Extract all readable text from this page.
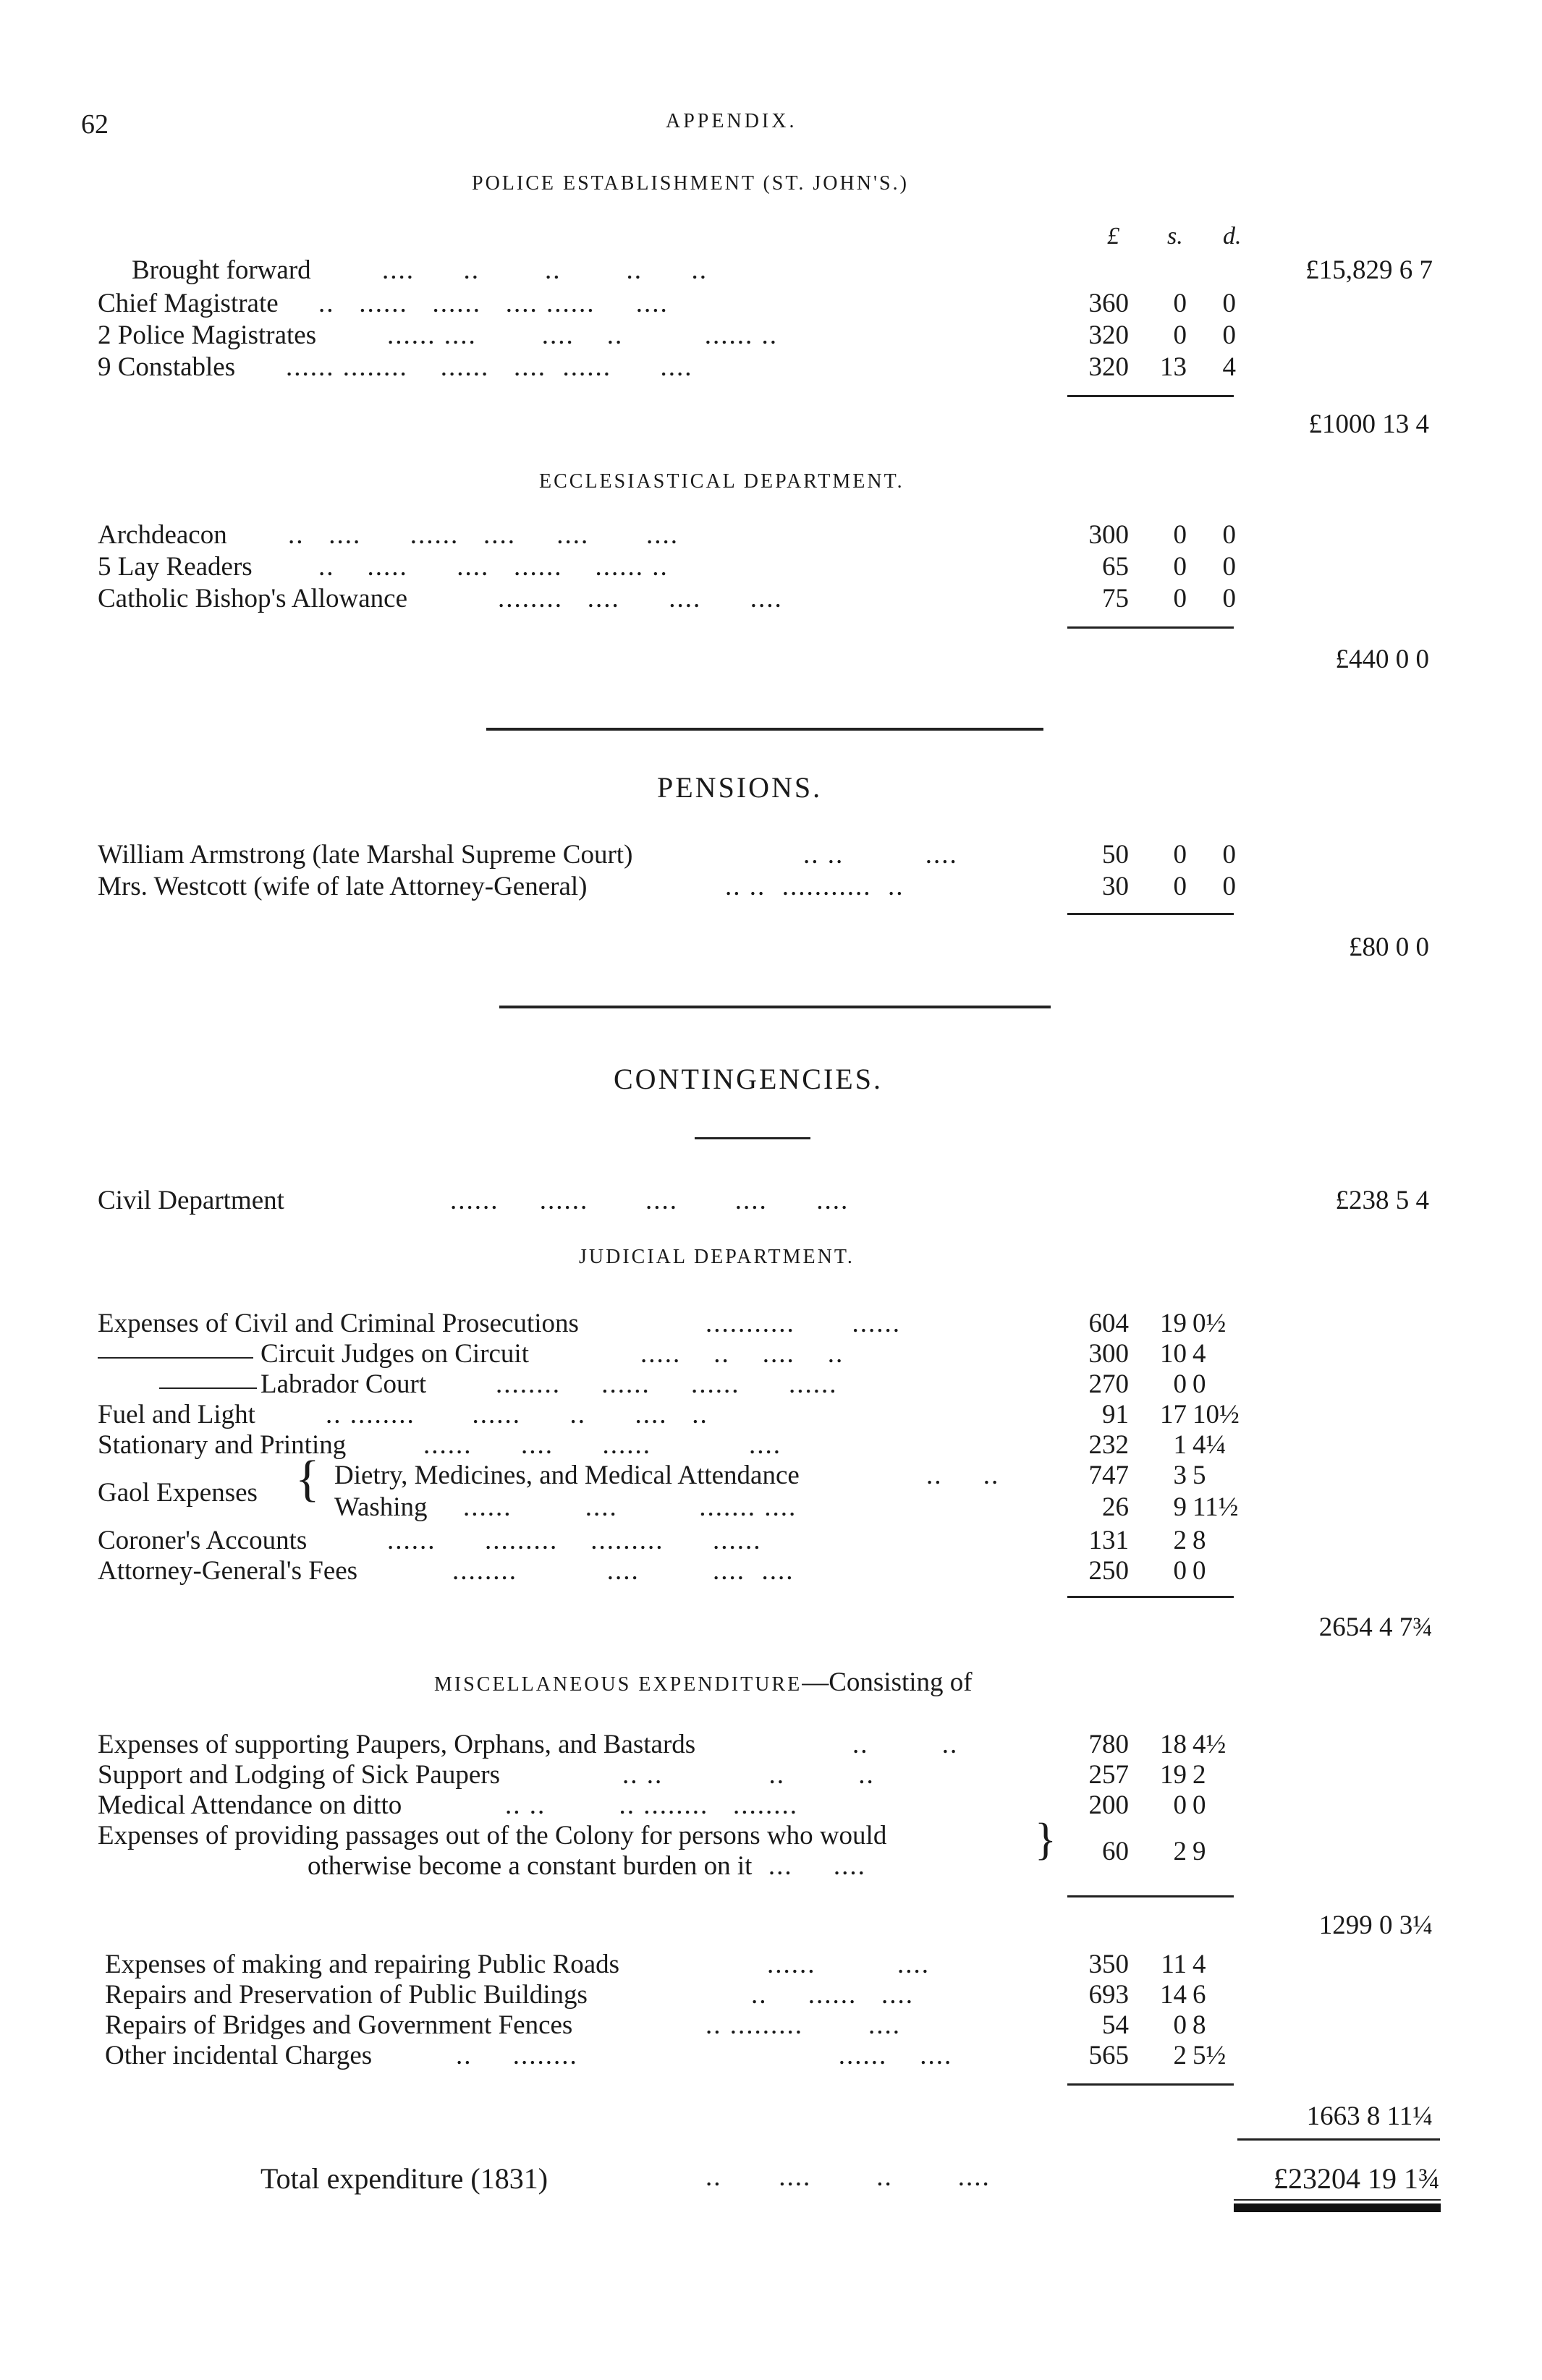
62	APPENDIX.
POLICE ESTABLISHMENT (ST. JOHN'S.)
£ s. d.
Brought forward	....      ..        ..        ..      ..	£15,829 6 7
Chief Magistrate ..   ......   ......   .... ......     ....	360	0	0
2 Police Magistrates	...... ....        ....    ..          ...... ..	320	0	0
9 Constables ...... ........    ......   ....  ......      ....	320	13	4
£1000 13 4
ECCLESIASTICAL DEPARTMENT.
Archdeacon ..   ....      ......   ....     ....       ....	300	0	0
5 Lay Readers ..    .....      ....   ......    ...... ..	65	0	0
Catholic Bishop's Allowance	........   ....      ....      ....	75	0	0
£440 0 0
PENSIONS.
William Armstrong (late Marshal Supreme Court)	.. ..          ....	50	0	0
Mrs. Westcott (wife of late Attorney-General)	.. ..  ...........  ..	30	0	0
£80 0 0
CONTINGENCIES.
Civil Department	......     ......       ....       ....      ....	£238 5 4
JUDICIAL DEPARTMENT.
Expenses of Civil and Criminal Prosecutions	...........       ......	604	19 0½
Circuit Judges on Circuit	.....    ..    ....    ..	300	10 4
Labrador Court	........     ......     ......      ......	270	0 0
Fuel and Light	.. ........       ......      ..      ....   ..	91	17 10½
Stationary and Printing	......      ....      ......            ....	232	1 4¼
Gaol Expenses { Dietry, Medicines, and Medical Attendance	..     ..	747	3 5
Washing ......         ....          ....... ....	26	9 11½
Coroner's Accounts	......      .........    .........      ......	131	2 8
Attorney-General's Fees	........           ....         ....  ....	250	0 0
2654 4 7¾
MISCELLANEOUS EXPENDITURE—Consisting of
Expenses of supporting Paupers, Orphans, and Bastards	..         ..	780	18 4½
Support and Lodging of Sick Paupers	.. ..             ..         ..	257	19 2
Medical Attendance on ditto	.. ..         .. ........   ........	200	0 0
Expenses of providing passages out of the Colony for persons who would
otherwise become a constant burden on it  ...     ....
}	60	2 9
1299 0 3¼
Expenses of making and repairing Public Roads	......          ....	350	11 4
Repairs and Preservation of Public Buildings	..     ......   ....	693	14 6
Repairs of Bridges and Government Fences	.. .........        ....	54	0 8
Other incidental Charges	..     ........                                ......    ....	565	2 5½
1663 8 11¼
Total expenditure (1831)	..       ....        ..        ....	£23204 19 1¾
